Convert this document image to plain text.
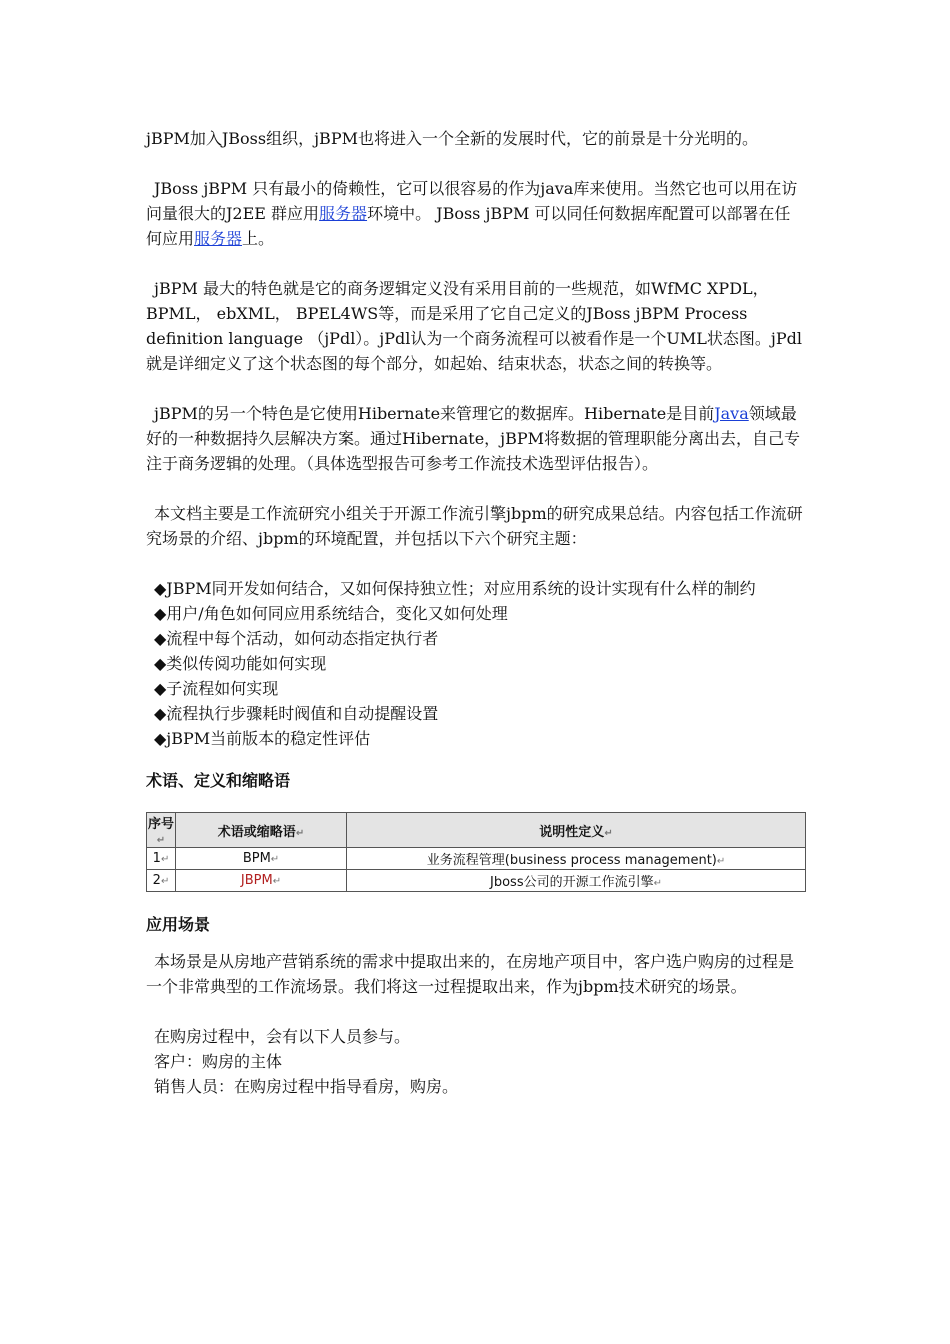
jBPM加入JBoss组织，jBPM也将进入一个全新的发展时代，它的前景是十分光明的。

JBoss jBPM 只有最小的倚赖性，它可以很容易的作为java库来使用。当然它也可以用在访问量很大的J2EE 群应用服务器环境中。 JBoss jBPM 可以同任何数据库配置可以部署在任何应用服务器上。

jBPM 最大的特色就是它的商务逻辑定义没有采用目前的一些规范，如WfMC XPDL， BPML， ebXML， BPEL4WS等，而是采用了它自己定义的JBoss jBPM Process definition language （jPdl）。jPdl认为一个商务流程可以被看作是一个UML状态图。jPdl就是详细定义了这个状态图的每个部分，如起始、结束状态，状态之间的转换等。

jBPM的另一个特色是它使用Hibernate来管理它的数据库。Hibernate是目前Java领域最好的一种数据持久层解决方案。通过Hibernate，jBPM将数据的管理职能分离出去，自己专注于商务逻辑的处理。（具体选型报告可参考工作流技术选型评估报告）。

本文档主要是工作流研究小组关于开源工作流引擎jbpm的研究成果总结。内容包括工作流研究场景的介绍、jbpm的环境配置，并包括以下六个研究主题：

◆JBPM同开发如何结合，又如何保持独立性；对应用系统的设计实现有什么样的制约

◆用户/角色如何同应用系统结合，变化又如何处理

◆流程中每个活动，如何动态指定执行者

◆类似传阅功能如何实现

◆子流程如何实现

◆流程执行步骤耗时阀值和自动提醒设置

◆jBPM当前版本的稳定性评估

术语、定义和缩略语

序号↵	术语或缩略语↵	说明性定义↵
1↵	BPM↵	业务流程管理(business process management)↵
2↵	JBPM↵	Jboss公司的开源工作流引擎↵

应用场景

本场景是从房地产营销系统的需求中提取出来的，在房地产项目中，客户选户购房的过程是一个非常典型的工作流场景。我们将这一过程提取出来，作为jbpm技术研究的场景。

在购房过程中，会有以下人员参与。

客户：购房的主体

销售人员：在购房过程中指导看房，购房。
